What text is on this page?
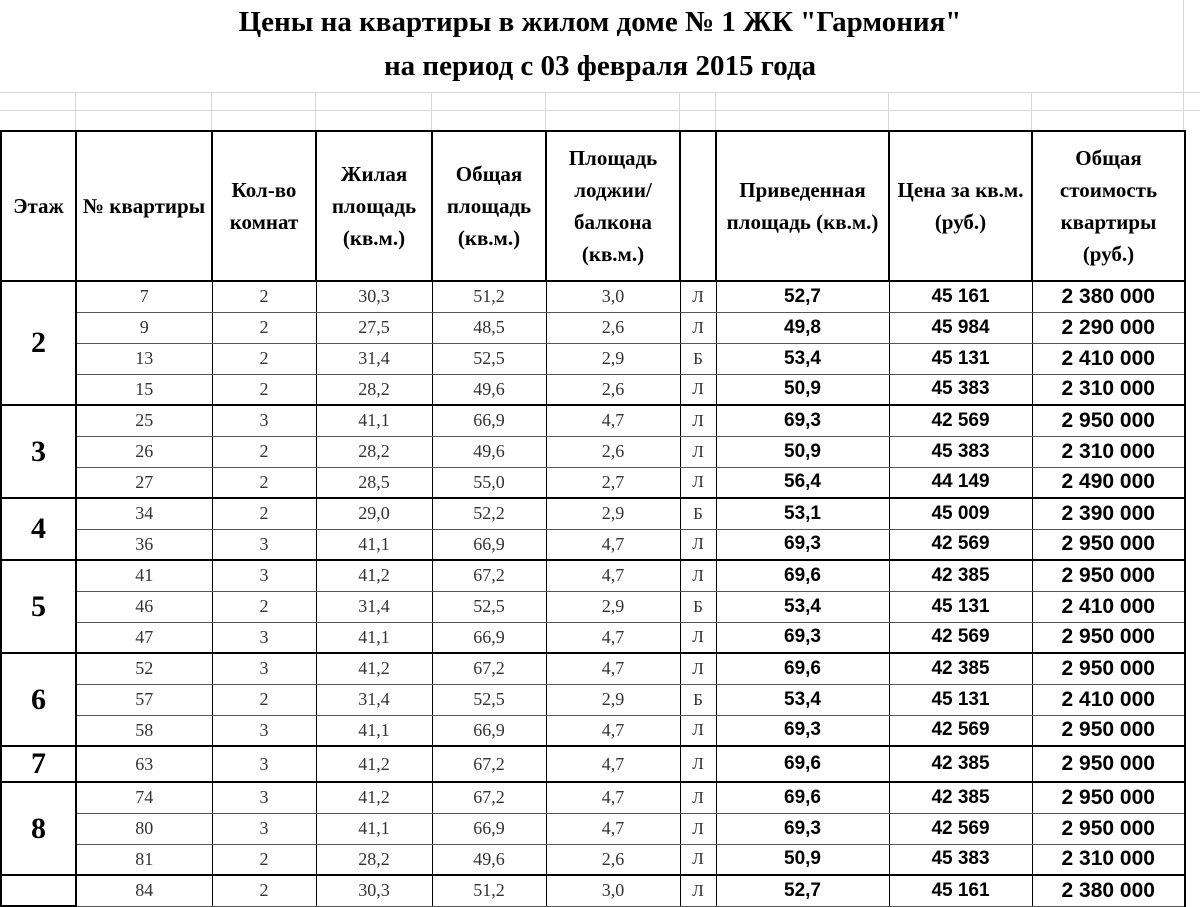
Цены на квартиры в жилом доме № 1 ЖК "Гармония"
на период с 03 февраля 2015 года
Этаж	№ квартиры	Кол-во комнат	Жилая площадь (кв.м.)	Общая площадь (кв.м.)	Площадь лоджии/ балкона (кв.м.)		Приведенная площадь (кв.м.)	Цена за кв.м. (руб.)	Общая стоимость квартиры (руб.)
2	7	2	30,3	51,2	3,0	Л	52,7	45 161	2 380 000
	9	2	27,5	48,5	2,6	Л	49,8	45 984	2 290 000
	13	2	31,4	52,5	2,9	Б	53,4	45 131	2 410 000
	15	2	28,2	49,6	2,6	Л	50,9	45 383	2 310 000
3	25	3	41,1	66,9	4,7	Л	69,3	42 569	2 950 000
	26	2	28,2	49,6	2,6	Л	50,9	45 383	2 310 000
	27	2	28,5	55,0	2,7	Л	56,4	44 149	2 490 000
4	34	2	29,0	52,2	2,9	Б	53,1	45 009	2 390 000
	36	3	41,1	66,9	4,7	Л	69,3	42 569	2 950 000
5	41	3	41,2	67,2	4,7	Л	69,6	42 385	2 950 000
	46	2	31,4	52,5	2,9	Б	53,4	45 131	2 410 000
	47	3	41,1	66,9	4,7	Л	69,3	42 569	2 950 000
6	52	3	41,2	67,2	4,7	Л	69,6	42 385	2 950 000
	57	2	31,4	52,5	2,9	Б	53,4	45 131	2 410 000
	58	3	41,1	66,9	4,7	Л	69,3	42 569	2 950 000
7	63	3	41,2	67,2	4,7	Л	69,6	42 385	2 950 000
8	74	3	41,2	67,2	4,7	Л	69,6	42 385	2 950 000
	80	3	41,1	66,9	4,7	Л	69,3	42 569	2 950 000
	81	2	28,2	49,6	2,6	Л	50,9	45 383	2 310 000
	84	2	30,3	51,2	3,0	Л	52,7	45 161	2 380 000
